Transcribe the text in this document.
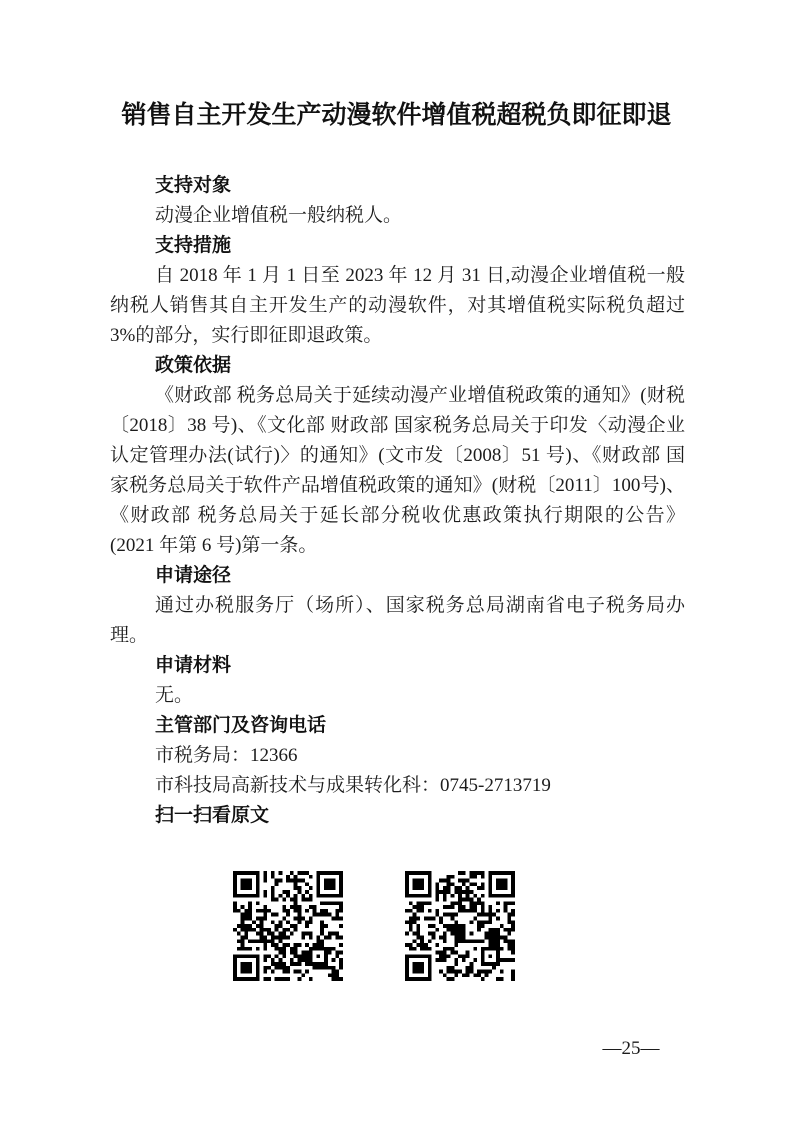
销售自主开发生产动漫软件增值税超税负即征即退
支持对象

动漫企业增值税一般纳税人。

支持措施

自 2018 年 1 月 1 日至 2023 年 12 月 31 日,动漫企业增值税一般纳税人销售其自主开发生产的动漫软件，对其增值税实际税负超过3%的部分，实行即征即退政策。

政策依据

《财政部 税务总局关于延续动漫产业增值税政策的通知》(财税〔2018〕38 号)、《文化部 财政部 国家税务总局关于印发〈动漫企业认定管理办法(试行)〉的通知》(文市发〔2008〕51 号)、《财政部 国家税务总局关于软件产品增值税政策的通知》(财税〔2011〕100号)、《财政部 税务总局关于延长部分税收优惠政策执行期限的公告》(2021 年第 6 号)第一条。

申请途径

通过办税服务厅（场所）、国家税务总局湖南省电子税务局办理。

申请材料

无。

主管部门及咨询电话

市税务局：12366

市科技局高新技术与成果转化科：0745-2713719

扫一扫看原文
—25—
